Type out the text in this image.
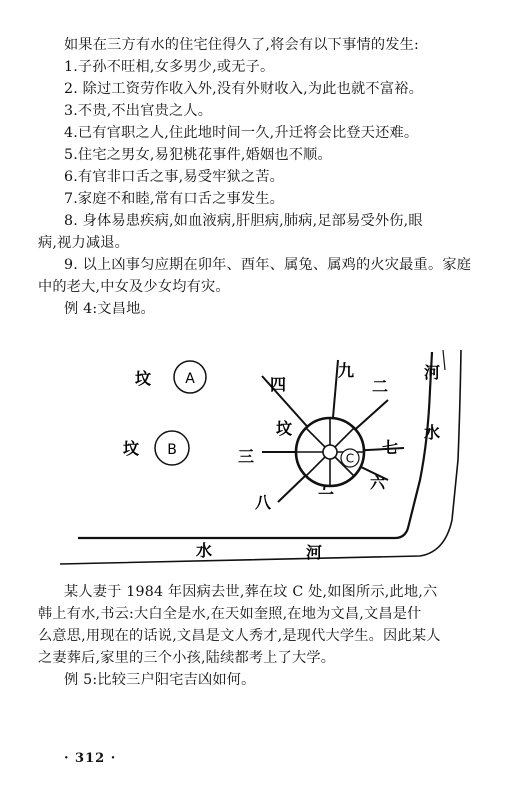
如果在三方有水的住宅住得久了,将会有以下事情的发生:
1.子孙不旺相,女多男少,或无子。
2. 除过工资劳作收入外,没有外财收入,为此也就不富裕。
3.不贵,不出官贵之人。
4.已有官职之人,住此地时间一久,升迁将会比登天还难。
5.住宅之男女,易犯桃花事件,婚姻也不顺。
6.有官非口舌之事,易受牢狱之苦。
7.家庭不和睦,常有口舌之事发生。
8. 身体易患疾病,如血液病,肝胆病,肺病,足部易受外伤,眼
病,视力减退。
9. 以上凶事匀应期在卯年、酉年、属兔、属鸡的火灾最重。家庭
中的老大,中女及少女均有灾。
例 4:文昌地。
C
坟 A
坟 B
四
九
二
坟
三	七
六
八	一
河
水
水	河
某人妻于 1984 年因病去世,葬在坟 C 处,如图所示,此地,六
韩上有水,书云:大白全是水,在天如奎照,在地为文昌,文昌是什
么意思,用现在的话说,文昌是文人秀才,是现代大学生。因此某人
之妻葬后,家里的三个小孩,陆续都考上了大学。
例 5:比较三户阳宅吉凶如何。
· 312 ·
